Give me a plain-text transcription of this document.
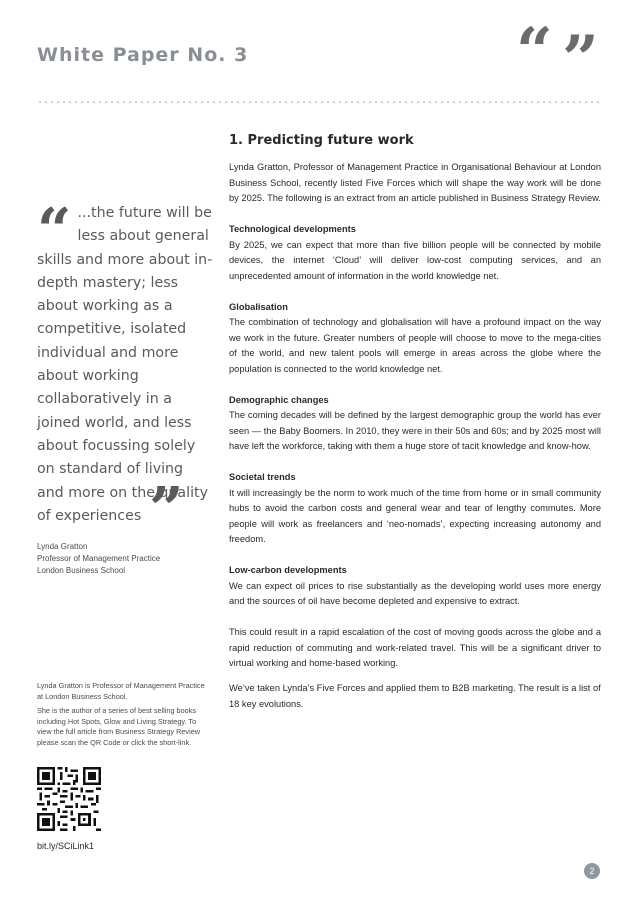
White Paper No. 3	“ ”
“ ...the future will be less about general skills and more about in-depth mastery; less about working as a competitive, isolated individual and more about working collaboratively in a joined world, and less about focussing solely on standard of living and more on the quality of experiences ”
Lynda Gratton
Professor of Management Practice
London Business School
1. Predicting future work

Lynda Gratton, Professor of Management Practice in Organisational Behaviour at London Business School, recently listed Five Forces which will shape the way work will be done by 2025. The following is an extract from an article published in Business Strategy Review.

Technological developments

By 2025, we can expect that more than five billion people will be connected by mobile devices, the internet ‘Cloud’ will deliver low-cost computing services, and an unprecedented amount of information in the world knowledge net.

Globalisation

The combination of technology and globalisation will have a profound impact on the way we work in the future. Greater numbers of people will choose to move to the mega-cities of the world, and new talent pools will emerge in areas across the globe where the population is connected to the world knowledge net.

Demographic changes

The coming decades will be defined by the largest demographic group the world has ever seen — the Baby Boomers. In 2010, they were in their 50s and 60s; and by 2025 most will have left the workforce, taking with them a huge store of tacit knowledge and know-how.

Societal trends

It will increasingly be the norm to work much of the time from home or in small community hubs to avoid the carbon costs and general wear and tear of lengthy commutes. More people will work as freelancers and ‘neo-nomads’, expecting increasing autonomy and freedom.

Low-carbon developments

We can expect oil prices to rise substantially as the developing world uses more energy and the sources of oil have become depleted and expensive to extract.

This could result in a rapid escalation of the cost of moving goods across the globe and a rapid reduction of commuting and work-related travel. This will be a significant driver to virtual working and home-based working.

We’ve taken Lynda’s Five Forces and applied them to B2B marketing. The result is a list of 18 key evolutions.

Lynda Gratton is Professor of Management Practice at London Business School.

She is the author of a series of best selling books including Hot Spots, Glow and Living Strategy. To view the full article from Business Strategy Review please scan the QR Code or click the short-link.

bit.ly/SCiLink1
2
